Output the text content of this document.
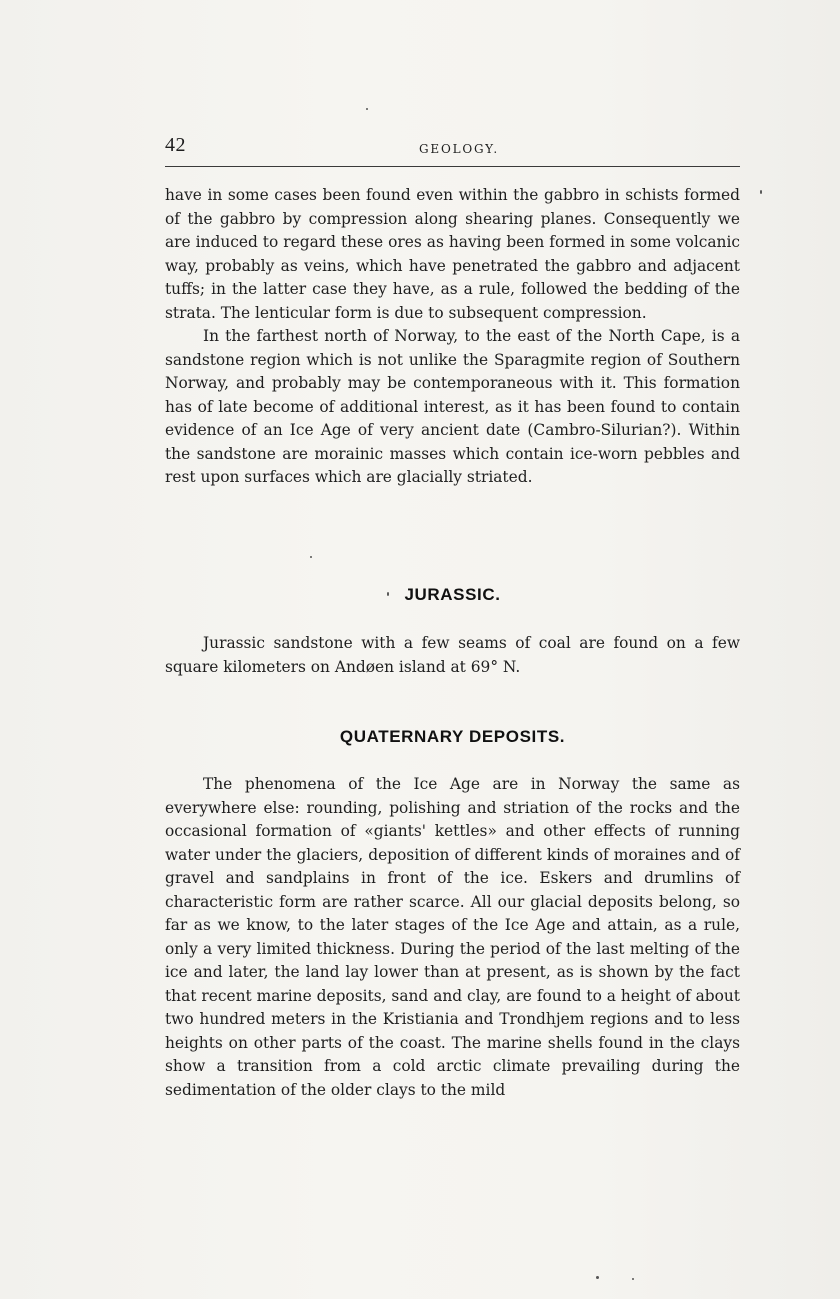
42	GEOLOGY.

have in some cases been found even within the gabbro in schists formed of the gabbro by compression along shearing planes. Consequently we are induced to regard these ores as having been formed in some volcanic way, probably as veins, which have penetrated the gabbro and adjacent tuffs; in the latter case they have, as a rule, followed the bedding of the strata. The lenticular form is due to subsequent compression.

In the farthest north of Norway, to the east of the North Cape, is a sandstone region which is not unlike the Sparagmite region of Southern Norway, and probably may be contemporaneous with it. This formation has of late become of additional interest, as it has been found to contain evidence of an Ice Age of very ancient date (Cambro-Silurian?). Within the sandstone are morainic masses which contain ice-worn pebbles and rest upon surfaces which are glacially striated.

JURASSIC.

Jurassic sandstone with a few seams of coal are found on a few square kilometers on Andøen island at 69° N.

QUATERNARY DEPOSITS.

The phenomena of the Ice Age are in Norway the same as everywhere else: rounding, polishing and striation of the rocks and the occasional formation of «giants' kettles» and other effects of running water under the glaciers, deposition of different kinds of moraines and of gravel and sandplains in front of the ice. Eskers and drumlins of characteristic form are rather scarce. All our glacial deposits belong, so far as we know, to the later stages of the Ice Age and attain, as a rule, only a very limited thickness. During the period of the last melting of the ice and later, the land lay lower than at present, as is shown by the fact that recent marine deposits, sand and clay, are found to a height of about two hundred meters in the Kristiania and Trondhjem regions and to less heights on other parts of the coast. The marine shells found in the clays show a transition from a cold arctic climate prevailing during the sedimentation of the older clays to the mild
